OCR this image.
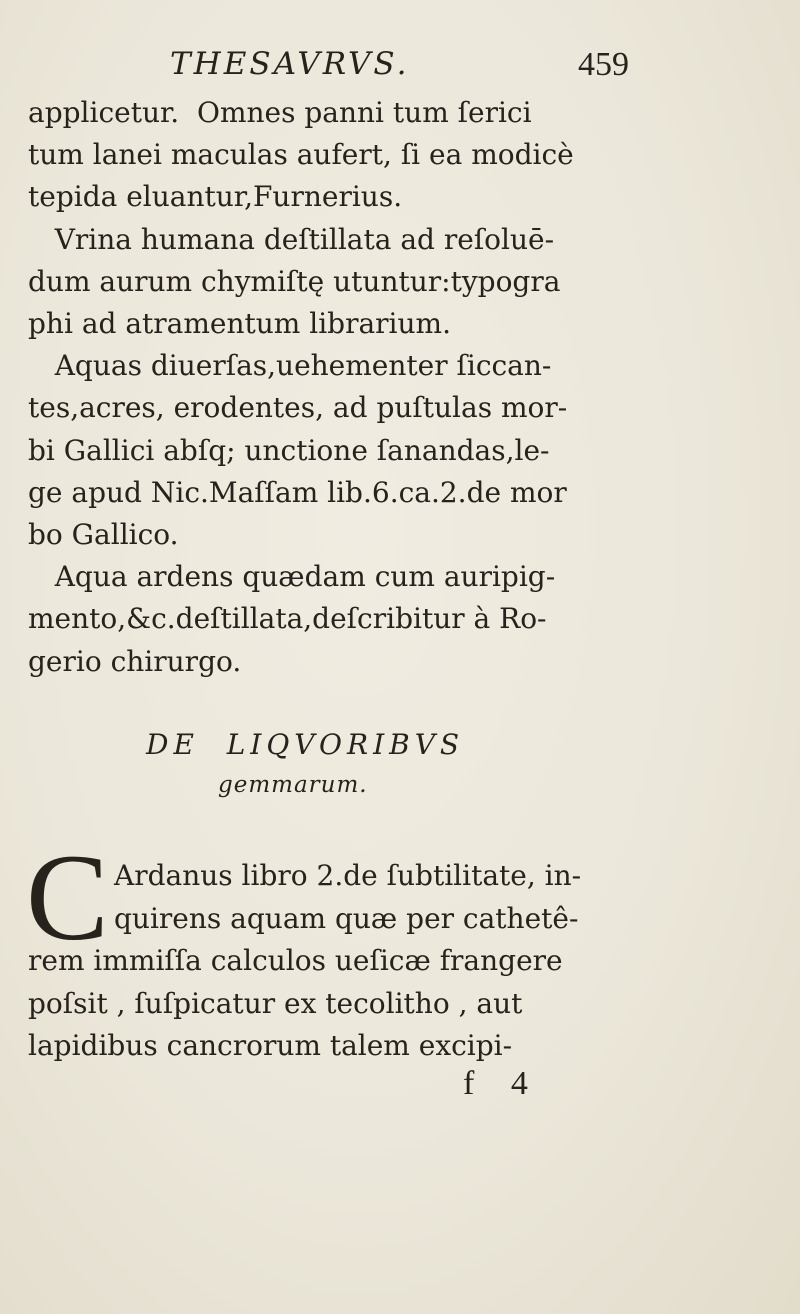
THESAVRVS.	459
applicetur.  Omnes panni tum ſerici
tum lanei maculas aufert, ſi ea modicè
tepida eluantur,Furnerius.
Vrina humana deſtillata ad reſoluē-
dum aurum chymiſtę utuntur:typogra
phi ad atramentum librarium.
Aquas diuerſas,uehementer ſiccan-
tes,acres, erodentes, ad puſtulas mor-
bi Gallici abſq; unctione ſanandas,le-
ge apud Nic.Maſſam lib.6.ca.2.de mor
bo Gallico.
Aqua ardens quædam cum auripig-
mento,&c.deſtillata,deſcribitur à Ro-
gerio chirurgo.
DE  LIQVORIBVS
gemmarum.
C Ardanus libro 2.de ſubtilitate, in-
quirens aquam quæ per cathetê-
rem immiſſa calculos ueſicæ frangere
poſsit , ſuſpicatur ex tecolitho , aut
lapidibus cancrorum talem excipi-
f 4
